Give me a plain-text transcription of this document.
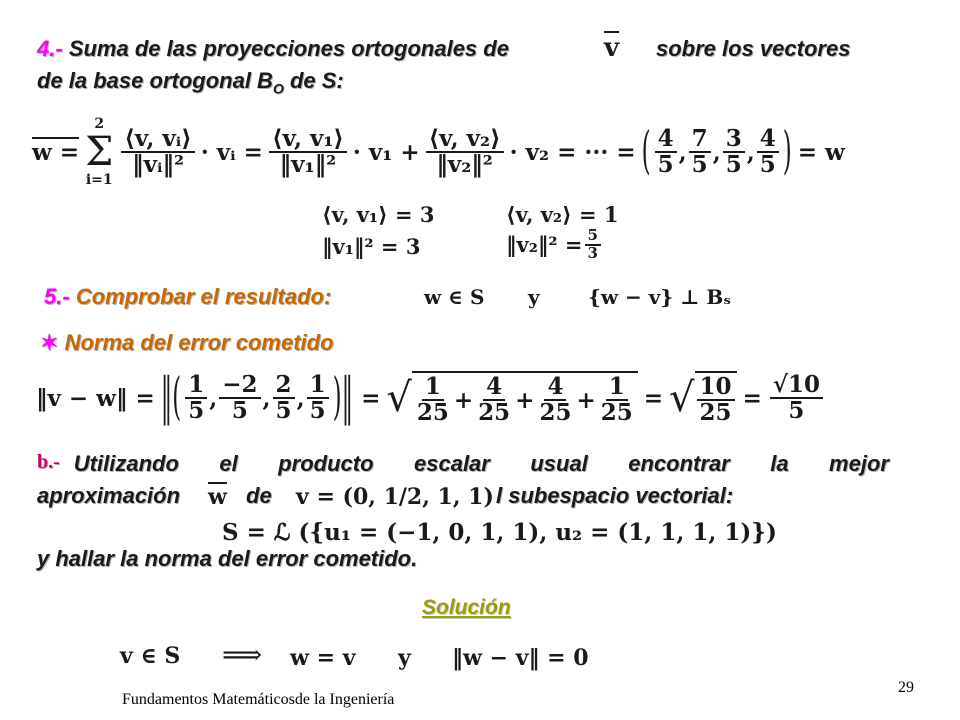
4.- Suma de las proyecciones ortogonales de	$\overline{v}$ sobre los vectores
de la base ortogonal $B_O$ de S:
w =
2
Σ
i=1
$\frac{\text{⟨v, vᵢ⟩}}{\text{‖vᵢ‖²}}$ · vᵢ = $\frac{\text{⟨v, v₁⟩}}{\text{‖v₁‖²}} \cdot v_1 + \frac{\text{⟨v, v₂⟩}}{\text{‖v₂‖²}} \cdot v_2$ = ··· = ( $\frac{4}{5}$ , $\frac{7}{5}$ , $\frac{3}{5}$ , $\frac{4}{5}$ ) = w
⟨v, v₁⟩ = 3	⟨v, v₂⟩ = 1
‖v₁‖² = 3	‖v₂‖² = $\frac{5}{3}$
5.- Comprobar el resultado:	w ∈ S y {w − v} ⊥ Bₛ
✶ Norma del error cometido
‖v − w‖ = ‖( $\frac{1}{5}$ , $\frac{-2}{5}$ , $\frac{2}{5}$ , $\frac{1}{5}$ )‖ = √ $\frac{1}{25} + \frac{4}{25} + \frac{4}{25} + \frac{1}{25}$ = √ $\frac{10}{25} = \frac{√10}{5}$
b.- Utilizando el producto escalar usual encontrar la mejor
aproximación $\overline{w}$ de v = (0, 1/2, 1, 1) l subespacio vectorial:
S = ℒ ({u₁ = (−1, 0, 1, 1), u₂ = (1, 1, 1, 1)})
y hallar la norma del error cometido.
Solución
v ∈ S ⟹ w = v y ‖w − v‖ = 0
Fundamentos Matemáticosde la Ingeniería
29
